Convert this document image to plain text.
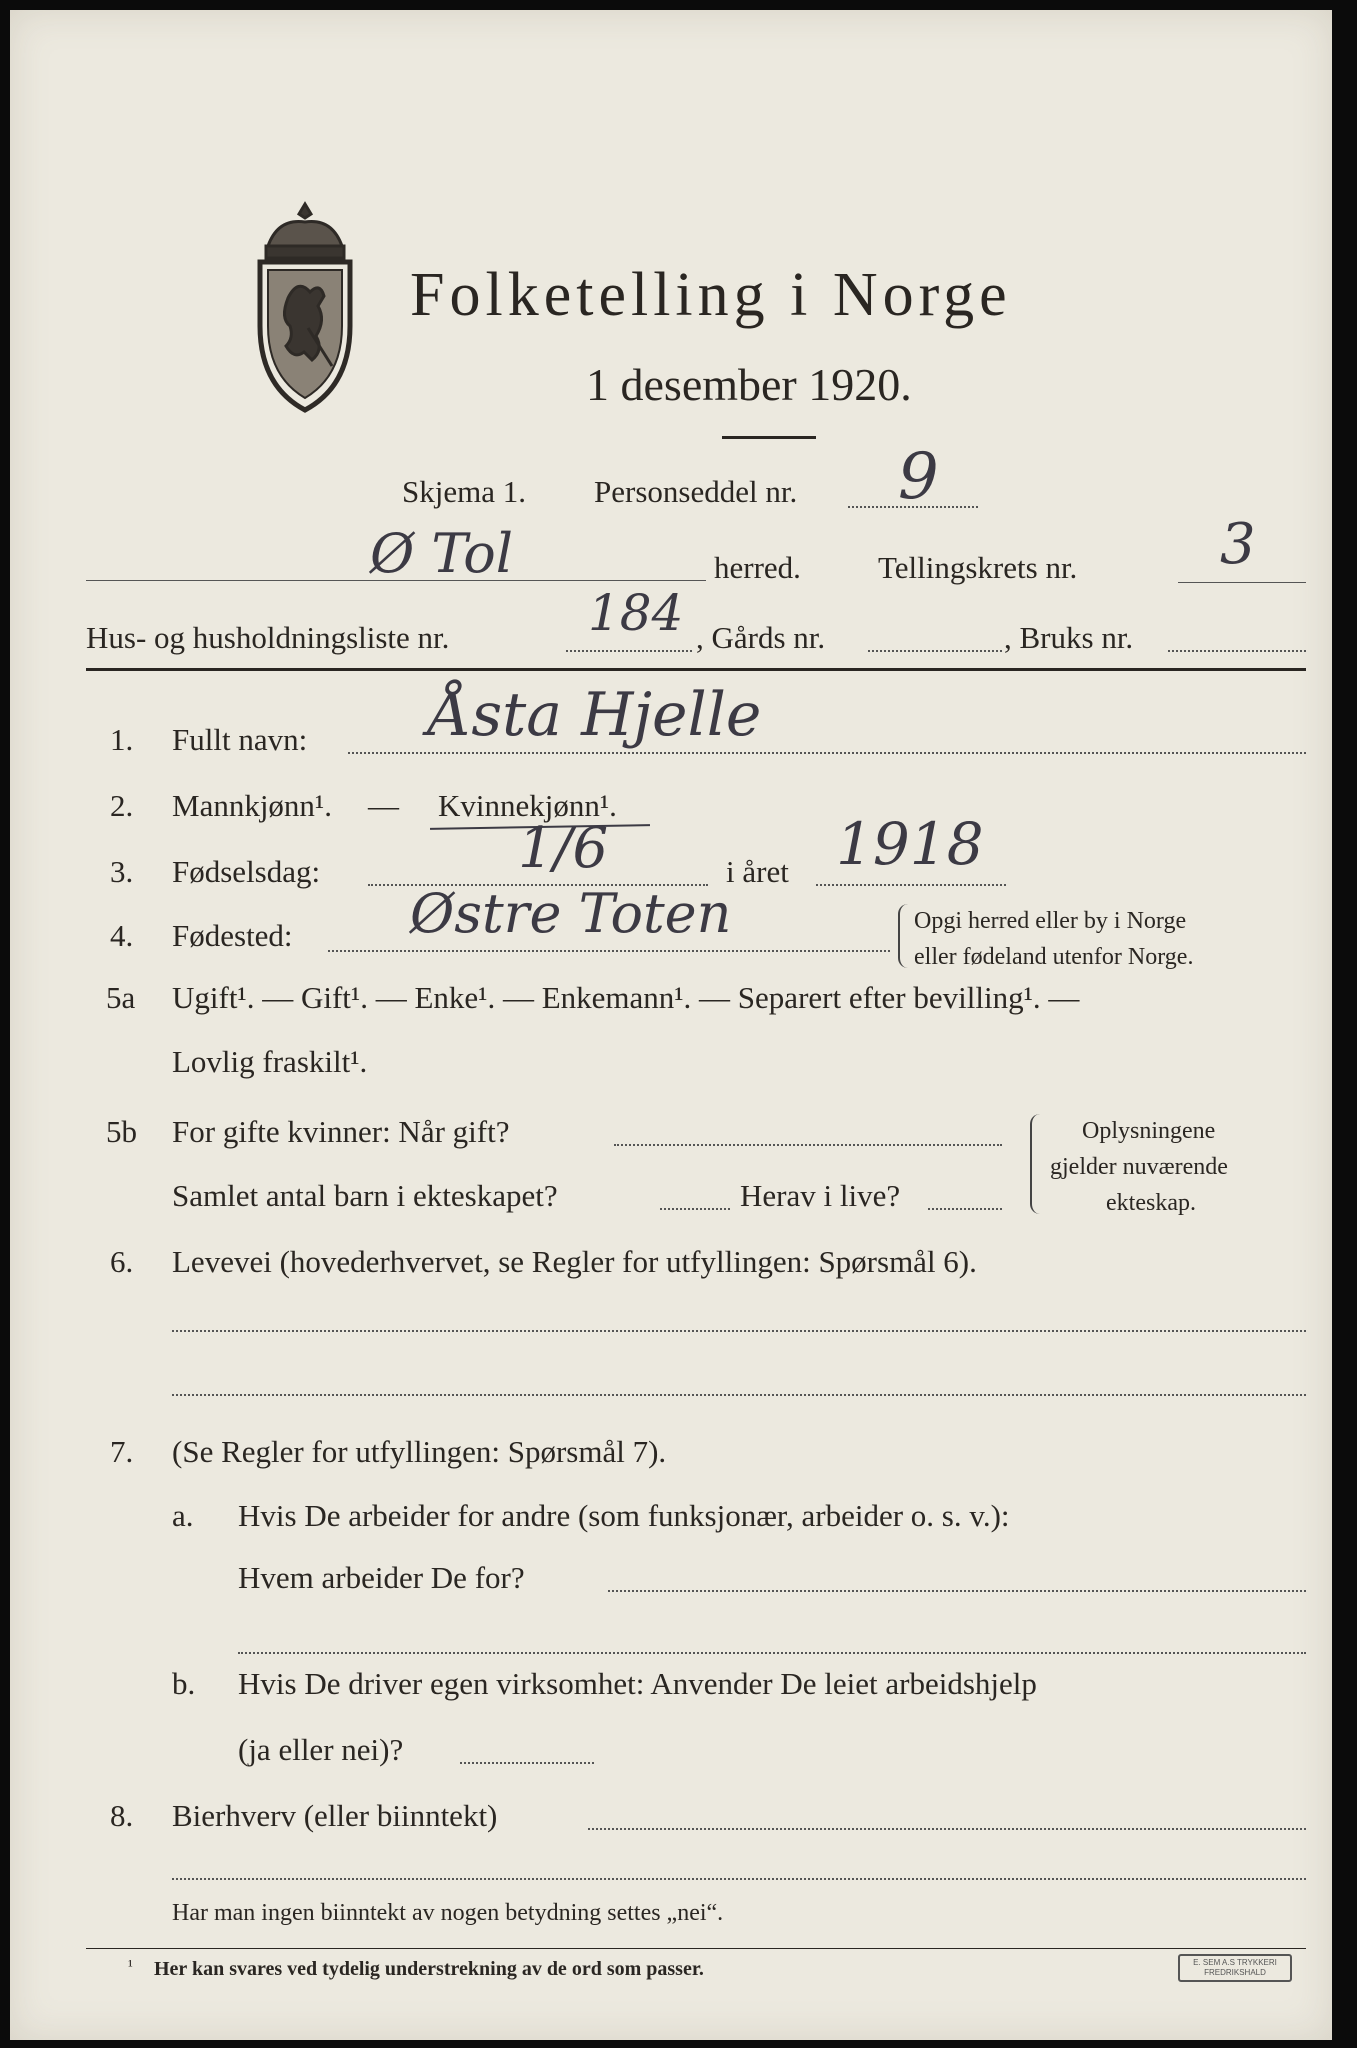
Folketelling i Norge
1 desember 1920.
Skjema 1. Personseddel nr. 9
Ø Tol	herred. Tellingskrets nr.	3
Hus- og husholdningsliste nr.	184 , Gårds nr.	, Bruks nr.
1. Fullt navn: Åsta Hjelle
2. Mannkjønn¹. — Kvinnekjønn¹.
3. Fødselsdag:	1/6	i året 1918
4. Fødested: Østre Toten	Opgi herred eller by i Norge
eller fødeland utenfor Norge.
5a Ugift¹. — Gift¹. — Enke¹. — Enkemann¹. — Separert efter bevilling¹. —
Lovlig fraskilt¹.
5b For gifte kvinner: Når gift?
Samlet antal barn i ekteskapet?	Herav i live?
Oplysningene
gjelder nuværende
ekteskap.
6. Levevei (hovederhvervet, se Regler for utfyllingen: Spørsmål 6).
7. (Se Regler for utfyllingen: Spørsmål 7).
a. Hvis De arbeider for andre (som funksjonær, arbeider o. s. v.):
Hvem arbeider De for?
b. Hvis De driver egen virksomhet: Anvender De leiet arbeidshjelp
(ja eller nei)?
8. Bierhverv (eller biinntekt)
Har man ingen biinntekt av nogen betydning settes „nei“.
¹ Her kan svares ved tydelig understrekning av de ord som passer.	E. SEM A.S TRYKKERI FREDRIKSHALD
